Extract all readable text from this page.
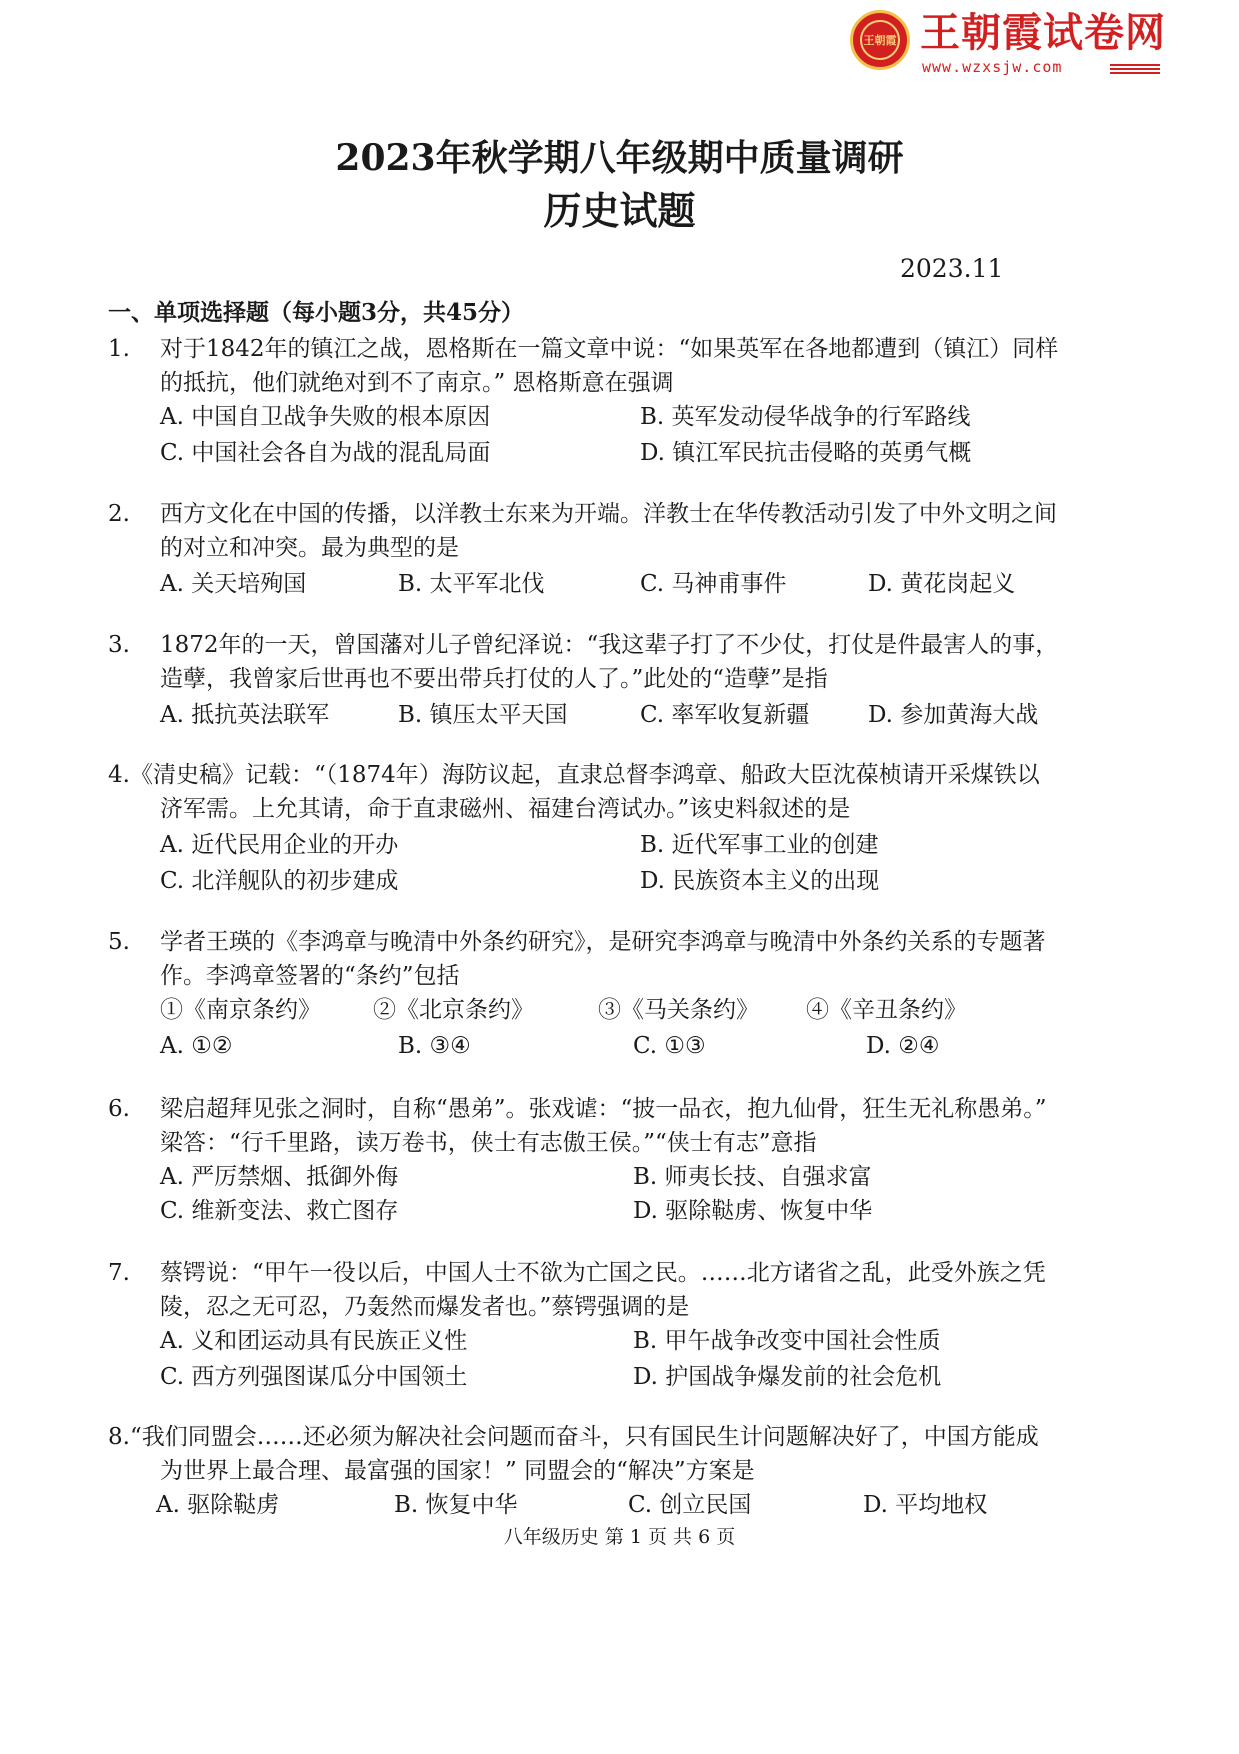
王朝霞 王朝霞试卷网
www.wzxsjw.com
2023年秋学期八年级期中质量调研
历史试题
2023.11
一、单项选择题（每小题3分，共45分）
1. 对于1842年的镇江之战，恩格斯在一篇文章中说：“如果英军在各地都遭到（镇江）同样
的抵抗，他们就绝对到不了南京。” 恩格斯意在强调
A. 中国自卫战争失败的根本原因	B. 英军发动侵华战争的行军路线
C. 中国社会各自为战的混乱局面	D. 镇江军民抗击侵略的英勇气概
2. 西方文化在中国的传播，以洋教士东来为开端。洋教士在华传教活动引发了中外文明之间
的对立和冲突。最为典型的是
A. 关天培殉国	B. 太平军北伐	C. 马神甫事件	D. 黄花岗起义
3. 1872年的一天，曾国藩对儿子曾纪泽说：“我这辈子打了不少仗，打仗是件最害人的事，
造孽，我曾家后世再也不要出带兵打仗的人了。”此处的“造孽”是指
A. 抵抗英法联军	B. 镇压太平天国	C. 率军收复新疆	D. 参加黄海大战
4.《清史稿》记载：“（1874年）海防议起，直隶总督李鸿章、船政大臣沈葆桢请开采煤铁以
济军需。上允其请，命于直隶磁州、福建台湾试办。”该史料叙述的是
A. 近代民用企业的开办	B. 近代军事工业的创建
C. 北洋舰队的初步建成	D. 民族资本主义的出现
5. 学者王瑛的《李鸿章与晚清中外条约研究》，是研究李鸿章与晚清中外条约关系的专题著
作。李鸿章签署的“条约”包括
①《南京条约》 ②《北京条约》	③《马关条约》 ④《辛丑条约》
A. ①②	B. ③④	C. ①③	D. ②④
6. 梁启超拜见张之洞时，自称“愚弟”。张戏谑：“披一品衣，抱九仙骨，狂生无礼称愚弟。”
梁答：“行千里路，读万卷书，侠士有志傲王侯。”“侠士有志”意指
A. 严厉禁烟、抵御外侮	B. 师夷长技、自强求富
C. 维新变法、救亡图存	D. 驱除鞑虏、恢复中华
7. 蔡锷说：“甲午一役以后，中国人士不欲为亡国之民。……北方诸省之乱，此受外族之凭
陵，忍之无可忍，乃轰然而爆发者也。”蔡锷强调的是
A. 义和团运动具有民族正义性	B. 甲午战争改变中国社会性质
C. 西方列强图谋瓜分中国领土	D. 护国战争爆发前的社会危机
8.“我们同盟会……还必须为解决社会问题而奋斗，只有国民生计问题解决好了，中国方能成
为世界上最合理、最富强的国家！” 同盟会的“解决”方案是
A. 驱除鞑虏	B. 恢复中华	C. 创立民国	D. 平均地权
八年级历史 第 1 页 共 6 页
